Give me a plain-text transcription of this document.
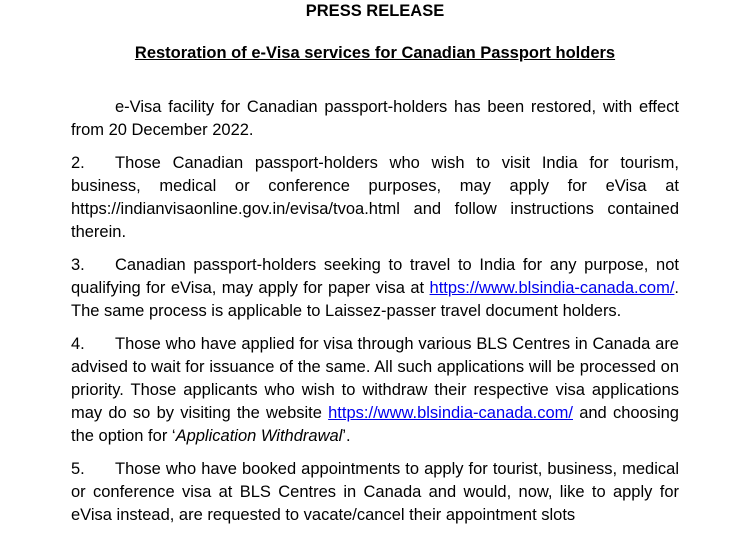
PRESS RELEASE

Restoration of e-Visa services for Canadian Passport holders

e-Visa facility for Canadian passport-holders has been restored, with effect from 20 December 2022.

2. Those Canadian passport-holders who wish to visit India for tourism, business, medical or conference purposes, may apply for eVisa at https://indianvisaonline.gov.in/evisa/tvoa.html and follow instructions contained therein.

3. Canadian passport-holders seeking to travel to India for any purpose, not qualifying for eVisa, may apply for paper visa at https://www.blsindia-canada.com/. The same process is applicable to Laissez-passer travel document holders.

4. Those who have applied for visa through various BLS Centres in Canada are advised to wait for issuance of the same. All such applications will be processed on priority. Those applicants who wish to withdraw their respective visa applications may do so by visiting the website https://www.blsindia-canada.com/ and choosing the option for ‘Application Withdrawal’.

5. Those who have booked appointments to apply for tourist, business, medical or conference visa at BLS Centres in Canada and would, now, like to apply for eVisa instead, are requested to vacate/cancel their appointment slots
